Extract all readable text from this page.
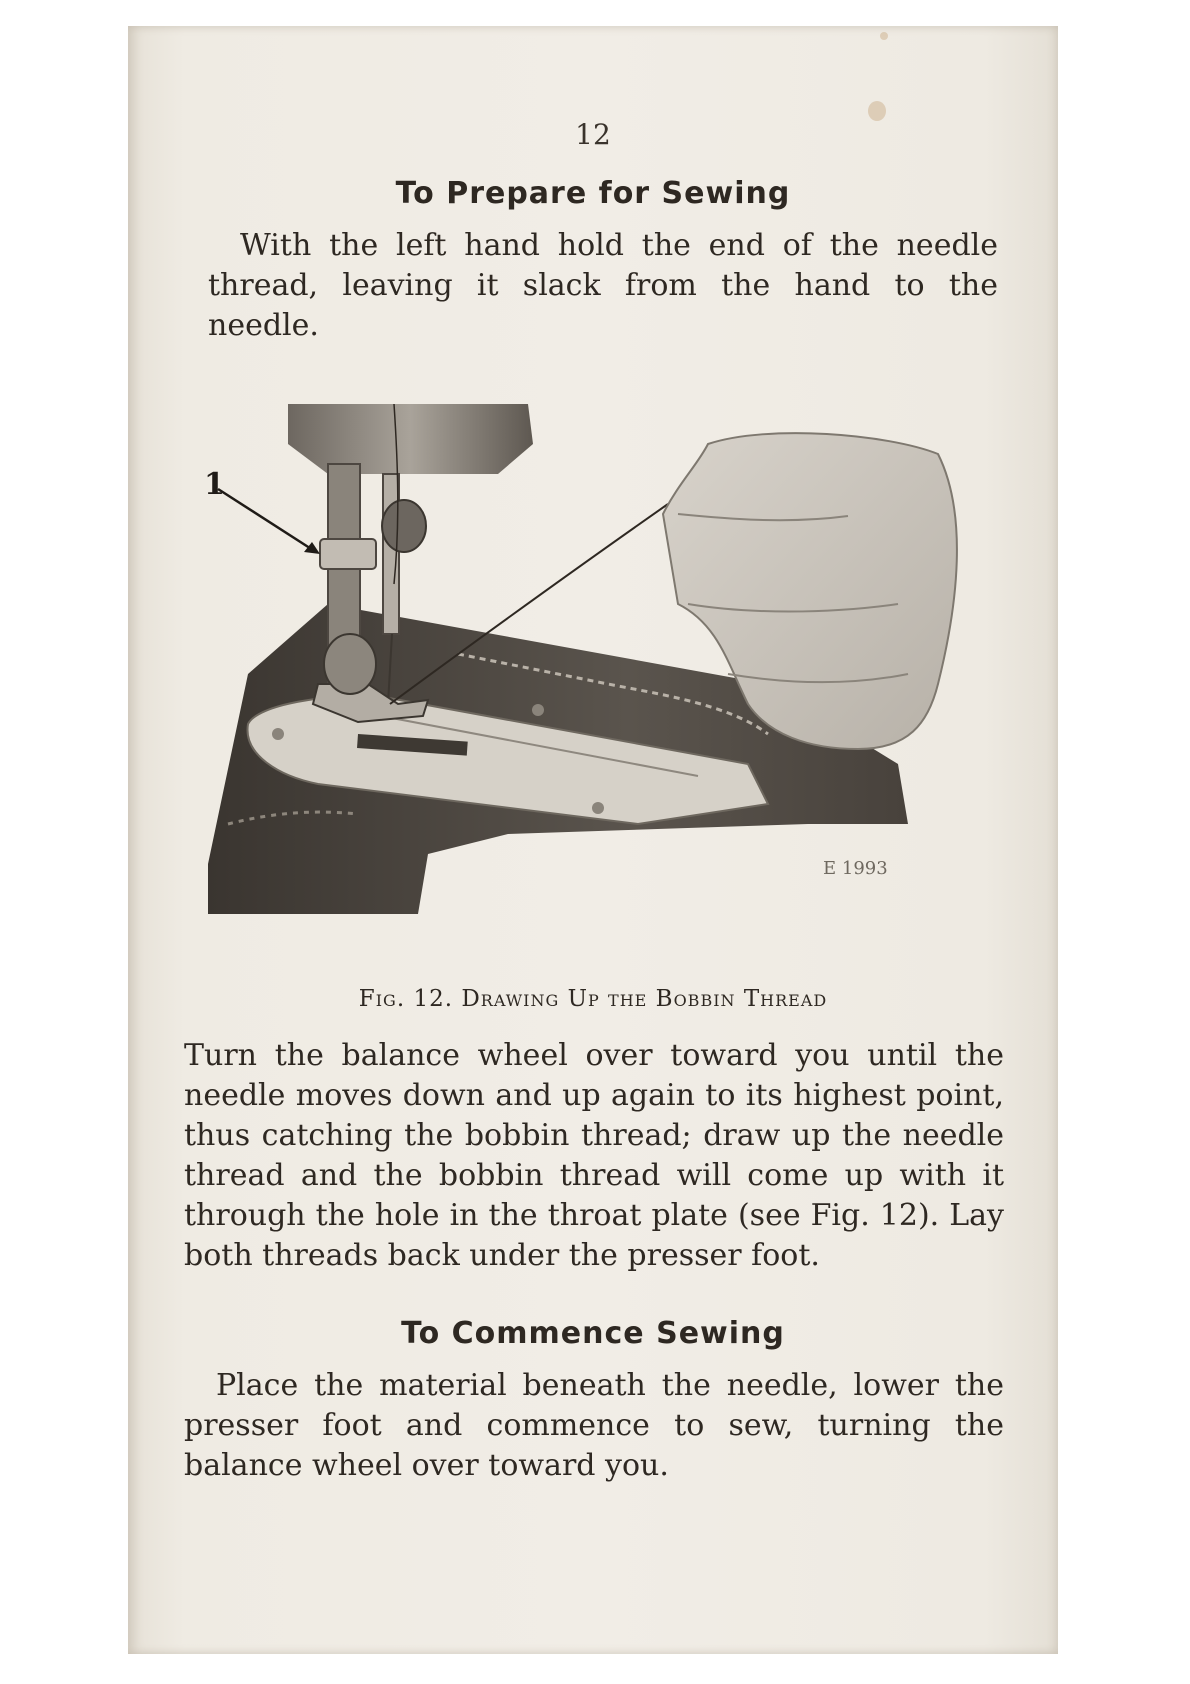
12
To Prepare for Sewing

With the left hand hold the end of the needle thread, leaving it slack from the hand to the needle.

1
E 1993
Fig. 12. Drawing Up the Bobbin Thread

Turn the balance wheel over toward you until the needle moves down and up again to its highest point, thus catching the bobbin thread; draw up the needle thread and the bobbin thread will come up with it through the hole in the throat plate (see Fig. 12). Lay both threads back under the presser foot.

To Commence Sewing

Place the material beneath the needle, lower the presser foot and commence to sew, turning the balance wheel over toward you.
